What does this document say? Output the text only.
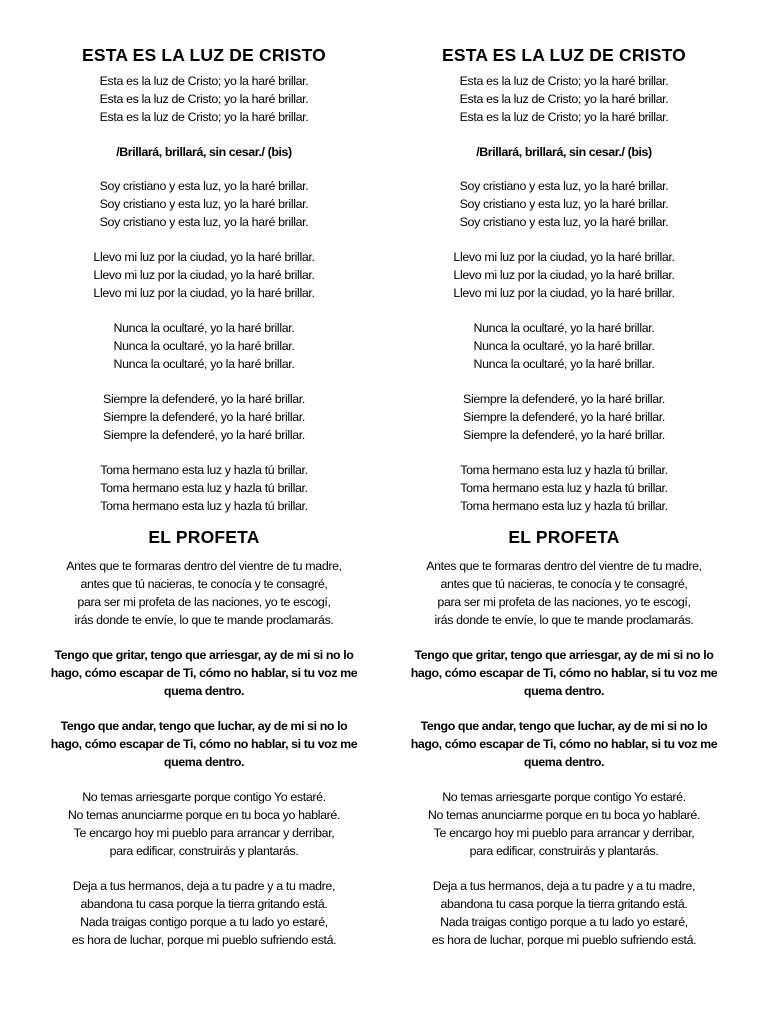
ESTA ES LA LUZ DE CRISTO
Esta es la luz de Cristo; yo la haré brillar.
Esta es la luz de Cristo; yo la haré brillar.
Esta es la luz de Cristo; yo la haré brillar.
/Brillará, brillará, sin cesar./ (bis)
Soy cristiano y esta luz, yo la haré brillar.
Soy cristiano y esta luz, yo la haré brillar.
Soy cristiano y esta luz, yo la haré brillar.
Llevo mi luz por la ciudad, yo la haré brillar.
Llevo mi luz por la ciudad, yo la haré brillar.
Llevo mi luz por la ciudad, yo la haré brillar.
Nunca la ocultaré, yo la haré brillar.
Nunca la ocultaré, yo la haré brillar.
Nunca la ocultaré, yo la haré brillar.
Siempre la defenderé, yo la haré brillar.
Siempre la defenderé, yo la haré brillar.
Siempre la defenderé, yo la haré brillar.
Toma hermano esta luz y hazla tú brillar.
Toma hermano esta luz y hazla tú brillar.
Toma hermano esta luz y hazla tú brillar.
EL PROFETA
Antes que te formaras dentro del vientre de tu madre,
antes que tú nacieras, te conocía y te consagré,
para ser mi profeta de las naciones, yo te escogí,
irás donde te envíe, lo que te mande proclamarás.
Tengo que gritar, tengo que arriesgar, ay de mi si no lo
hago, cómo escapar de Ti, cómo no hablar, si tu voz me
quema dentro.
Tengo que andar, tengo que luchar, ay de mi si no lo
hago, cómo escapar de Ti, cómo no hablar, si tu voz me
quema dentro.
No temas arriesgarte porque contigo Yo estaré.
No temas anunciarme porque en tu boca yo hablaré.
Te encargo hoy mi pueblo para arrancar y derribar,
para edificar, construirás y plantarás.
Deja a tus hermanos, deja a tu padre y a tu madre,
abandona tu casa porque la tierra gritando está.
Nada traigas contigo porque a tu lado yo estaré,
es hora de luchar, porque mi pueblo sufriendo está.
ESTA ES LA LUZ DE CRISTO
Esta es la luz de Cristo; yo la haré brillar.
Esta es la luz de Cristo; yo la haré brillar.
Esta es la luz de Cristo; yo la haré brillar.
/Brillará, brillará, sin cesar./ (bis)
Soy cristiano y esta luz, yo la haré brillar.
Soy cristiano y esta luz, yo la haré brillar.
Soy cristiano y esta luz, yo la haré brillar.
Llevo mi luz por la ciudad, yo la haré brillar.
Llevo mi luz por la ciudad, yo la haré brillar.
Llevo mi luz por la ciudad, yo la haré brillar.
Nunca la ocultaré, yo la haré brillar.
Nunca la ocultaré, yo la haré brillar.
Nunca la ocultaré, yo la haré brillar.
Siempre la defenderé, yo la haré brillar.
Siempre la defenderé, yo la haré brillar.
Siempre la defenderé, yo la haré brillar.
Toma hermano esta luz y hazla tú brillar.
Toma hermano esta luz y hazla tú brillar.
Toma hermano esta luz y hazla tú brillar.
EL PROFETA
Antes que te formaras dentro del vientre de tu madre,
antes que tú nacieras, te conocía y te consagré,
para ser mi profeta de las naciones, yo te escogí,
irás donde te envíe, lo que te mande proclamarás.
Tengo que gritar, tengo que arriesgar, ay de mi si no lo
hago, cómo escapar de Ti, cómo no hablar, si tu voz me
quema dentro.
Tengo que andar, tengo que luchar, ay de mi si no lo
hago, cómo escapar de Ti, cómo no hablar, si tu voz me
quema dentro.
No temas arriesgarte porque contigo Yo estaré.
No temas anunciarme porque en tu boca yo hablaré.
Te encargo hoy mi pueblo para arrancar y derribar,
para edificar, construirás y plantarás.
Deja a tus hermanos, deja a tu padre y a tu madre,
abandona tu casa porque la tierra gritando está.
Nada traigas contigo porque a tu lado yo estaré,
es hora de luchar, porque mi pueblo sufriendo está.
